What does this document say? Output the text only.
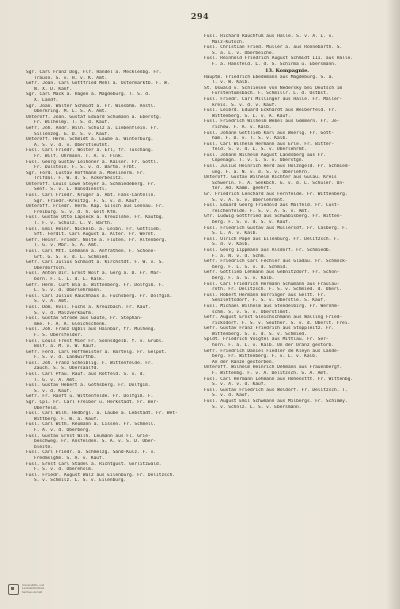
294
Sgr. Carl Franz Dog, Flr. Handel a. Mecklenbg. Fr.
Trauso. S. v. H. v. K. Amt.
Gefr. Joan. Carl Gottfried Mehl a. Ostermarktb. F. W.
N. X. D. Kanf.
Sgr. Carl Mack a. Hagen a. Magdeburg. T. S. d.
X. Landf.
Sgr. Joan. Walter Schmidt a. Fr. Wiesbhm. Anstl.
Oberkring. M. L. S. A. Amt.
Unteroff. Joan. Gustaf Eduard Schumann a. Eberstg.
Fr. Wilhelmy. T. S. d. Kauf.
Gefr. Joh. Andr. Wilh. Schulz a. Liebenflein. Fr.
Sillenzeg. G. D. S. v. Kauf.
Unteroff. Herm. Schmidt a. Laube a. Winterburg.
A. S. v. d. v. Oberstleutnt.
Füsl. Carl Friedr. Wolter a. Erl, fr. Tuschang.
Fr. Wilf. Ohrmann. T. A. v. Flnk.
Füsl. Georg Gustav Leihoner a. Kaiser. Fr. Gottl.
Fr. Dulstein. F. S. v. d. Bartm. Frbt.
Sgr. Ford. Lustav Hoffmann a. Moelinerm. Fr.
Trifdal. F. W. d. S. Ackerbesitz.
Unteroff. Louis Lowe Steyer a. Schmiedeberg. Fr.
Senf. S. v. L. Hansdienstl.
Füsl. Carl Friedr. Krüger a. Abt. Fans-Cantelln.
Sgr. Friedr.-Kreitzg. F. S. v. d. Kauf.
Unteroff. Friedr. Herm. Kap. Gilsch aus Lennau. Fr.
Freiburg. S. v. d. h. Gelt Kfm.
Füsl. Gustav Otto Lapseck a. Kreuzlohe. Fr. Kautbg.
T. F. v. Schulz. L. V. Barth.
Füsl. Emil Heinr. Nickelb. a. Leibn. Fr. Gottlieb.
Sft. Ferdit. Carl August a. Alter. Fr. Wernt.
Gefr. Heinr. Friedr. Nolte a. Fluten. Fr. Altenberg.
T. G. v. Mbr. S. A. Amt.
Füsl. Carl Mtt. Lehmann a. Anfrathen. F. Schöne-
Grt. G. S. v. d. L. Schmied.
Gefr. Carl Julius Schmidt a. Kirchstdt. F. W. v. S.
Oberdörfsch.
Füsl. Anton Dir. Ernst Wolf a. Gerg a. D. Fr. Mar-
born. F. L. L. d. L. Kalk.
Gefr. Herm. Curt Bla a. Wittenberg. Fr. Dolfgiß. F.
L. S. v. d. Oberlehrmann.
Füsl. Carl Julius Rauchhaus a. Fuchsberg. Fr. Dolfgiß.
S. v. A. Amt.
Füsl. Dom. Hvil. Fuchs a. Kreuzbach. Fr. Kauf.
S. v. d. Malzverkaufm.
Füsl. Gustav Strode aus Gaute, Fr. Stephan-
mke. F. A. A. Gleichschenk.
Füsl. Joh. Franz Ugbil aus Hainbar, fr. Mülheng.
F. S. Obersfelder.
Füsl. Louis Frest Mier Fr. Sonnsdgelb. f. v. Grubl.
Bolf. a. M. v. W. Kauf.
Gefr. Ferd. Carl Hoffmeister a. Hartelg. Fr. Gelpöt.
F. S. v. d. Landwirthb.
Füsl. Joh. Franz Scheiblig. F. Wittenfelde. Fr.
Zauch. S. S. Obersaalfd.
Füsl. Carl Pfau. Rauf. aus Rotfeld. S. v. d.
T. G. v. A. Amt.
Füsl. Gustav Hebert a. Gothsberg. Fr. Dolfgiß.
S. v. d. Kauf.
Gefr. Fr. Ranft u. Wittenfelde. Fr. Dolfgiß. F.
Sgr. Cpl. Fr. Carl Freiber u. Herkstadt. Fr. Ber-
Oberfeld.
Füsl. Carl Wilh. Hedbrgl. a. Laube a. Lebstadt. Fr. Wet-
Wittberg. F. W. a. Kauf.
Füsl. Carl With. Reumann a. Lissen. Fr. Schmell.
F. A. v. d. Oberberg.
Füsl. Gustav Ernst Wilh. Leumann aus Fl. Grie-
beschweg. Fr. Ansfelden. S. A. v. S. D. Ober-
bleite.
Füsl. Carl Friedr. a. Schmelzg. Sand-Kulz. F. v.
Fredmslghm. S. A. v. Kauf.
Füsl. Ernst Carl Stadel a. Richtgust. Gorlitzwald.
F. S. v. d. Oberehslm.
Füsl. Friedr. August Walz aus Eilenburg. Fr. Delitzsch.
S. v. Schmilz. L. S. v. Eilenburg.
Füsl. Richard Rauchfuß aus Halle. S. v. A. L. v.
Malz-Kutsch.
Füsl. Christian Fried. Müller a. aus Ronnebarth. S.
S. a. L. v. Oberbeiche.
Füsl. Reinhold Friedrich August Schmidt III. aus Halle.
F. a. Hansfeld. L. d. S. Schirma u. Ebersmann.
13. Kompagnie.
Hauptm. Friedrich Ebedemann aus Magdeburg. S. a.
T. v. W. Kalb.
St. Oswald v. Schliesen von Nedersky bei Deutsch im
Fürstentumsbach. F. Schmillr. L. d. Ostbst.
Füsl. Friedr. Carl Millinger aus Halle. Fr. Maller-
kreis. S. v. d. v. Kauf.
Füsl. Leibrd. Eduard Eckhardt aus Weiberfeld. Fr.
Wittenberg. S. L. v. A. Kauf.
Füsl. Friedrich Wilhelm Weßel aus Gommern. Fr. Je-
richow. F. A. v. Kalb.
Füsl. Johann Gottlieb Karl aus Woerlg. Fr. Gott-
ham. F. D. v. T. S. v. Kalb.
Füsl. Carl Wilhelm Hermann aus Erle. Fr. Bitter-
feld. S. v. d. L. S. v. Oberlehrmt.
Füsl. Johann Wilhelm August Landsberg aus Fr.
Cöpenagn. T. v. L. S. v. Oberstgn.
Füsl. Julius Heinrich Herd aus Holzngeld. Fr. Schmied-
ung. F. a. N. v. d. S. v. Oberlehrn.
Unteroff. Gustav Wilhelm Richter aus Gulau. Kreis
Schwerin. F. A. Senkbch. G. v. d. L. Schüler. Un-
ter. Ad. Kamm. geehrt.
Gr. Friedrich Lenchard aus Fernfelde. Fr. Wittenberg.
S. v. A. S. v. Oberlehrmnt.
Füsl. Eduard Georg Friedold aus Malfeld. Fr. Cust-
reichenfelde. F. S. v. A. S. v. Amt.
Gfr. Ludwig Gottfried aus Schwäbisberg. Fr. Witten-
berg. F. S. v. d. S. v. Kauf.
Füsl. Friedrich Gustav aus Müllersdf. Fr. Casberg. F.
S. L. A. v. Kalb.
Füsl. Ulrich Pape aus Eilenburg. Fr. Delitzsch. F.
S. d. v. Kalb.
Füsl. Georg Lippmann aus Alsdorf. Fr. Schmiedb.
F. a. N. v. d. Schm.
Gefr. Friedrich Carl Fechler aus Gladau. Fr. Schmöck-
berg. F. L. S. v. d. Schmid.
Gefr. Gottlieb Lehmann aus Gebnitzdorf. Fr. Schön-
berg. F. a. S. v. Kalb.
Füsl. Carl Friedrich Hermann Schumann aus Fraulau-
roth. Fr. Delitzsch. F. S. v. Schmied. d. Oberl.
Füsl. Robert Hermann Borringer aus Geltt. Fr.
Senzlettsdorf. F. S. v. Oberstle. S. Kauf.
Füsl. Michael Wilhelm aus Stendelbirg. Fr. Wernhm-
schm. S. v. S. v. Oberstlmnt.
Gefr. August Ernst Gleichschmann aus Walling Fried-
ricksdorf. F. S. v. Seuther. S. v. d. Oberlt. Frei.
Gefr. Gustav Franz Friedrich aus Stöppleitz. Fr.
Wittenberg. S. v. d. S. v. Schmied.
Spldt. Friedrich Voigtel aus Mittlau. Fr. Ser-
horn. F. a. L. v. Kalb. Un der Oranz gestorb.
Gefr. Friedrich Daniel Fiedler de Kleyn aus Lande-
berg. Fr. Wittenberg. F. v. L. v. Kalb.
An der Ranze gestorben.
Unteroff. Wilhelm Heinrich Dehmann aus Frauenbergf.
F. Wittenbg. F. v. A. Delitzsch. S. A. Amt.
Füsl. Carl Hermann Lehmann aus Hohensttt. Fr. Wittenbg.
S. v. A. v. d. Kauf.
Füsl. Gustav Friedrich aus Wöldorf. Fr. Delitzsch. T.
S. v. d. Kauf.
Füsl. August Emil Schwmann aus Milbergs. Fr. Schimmy.
S. v. Schnlz. L. S. v. Ebersmann.
Universitäts- und
Landesbibliothek
Sachsen-Anhalt
